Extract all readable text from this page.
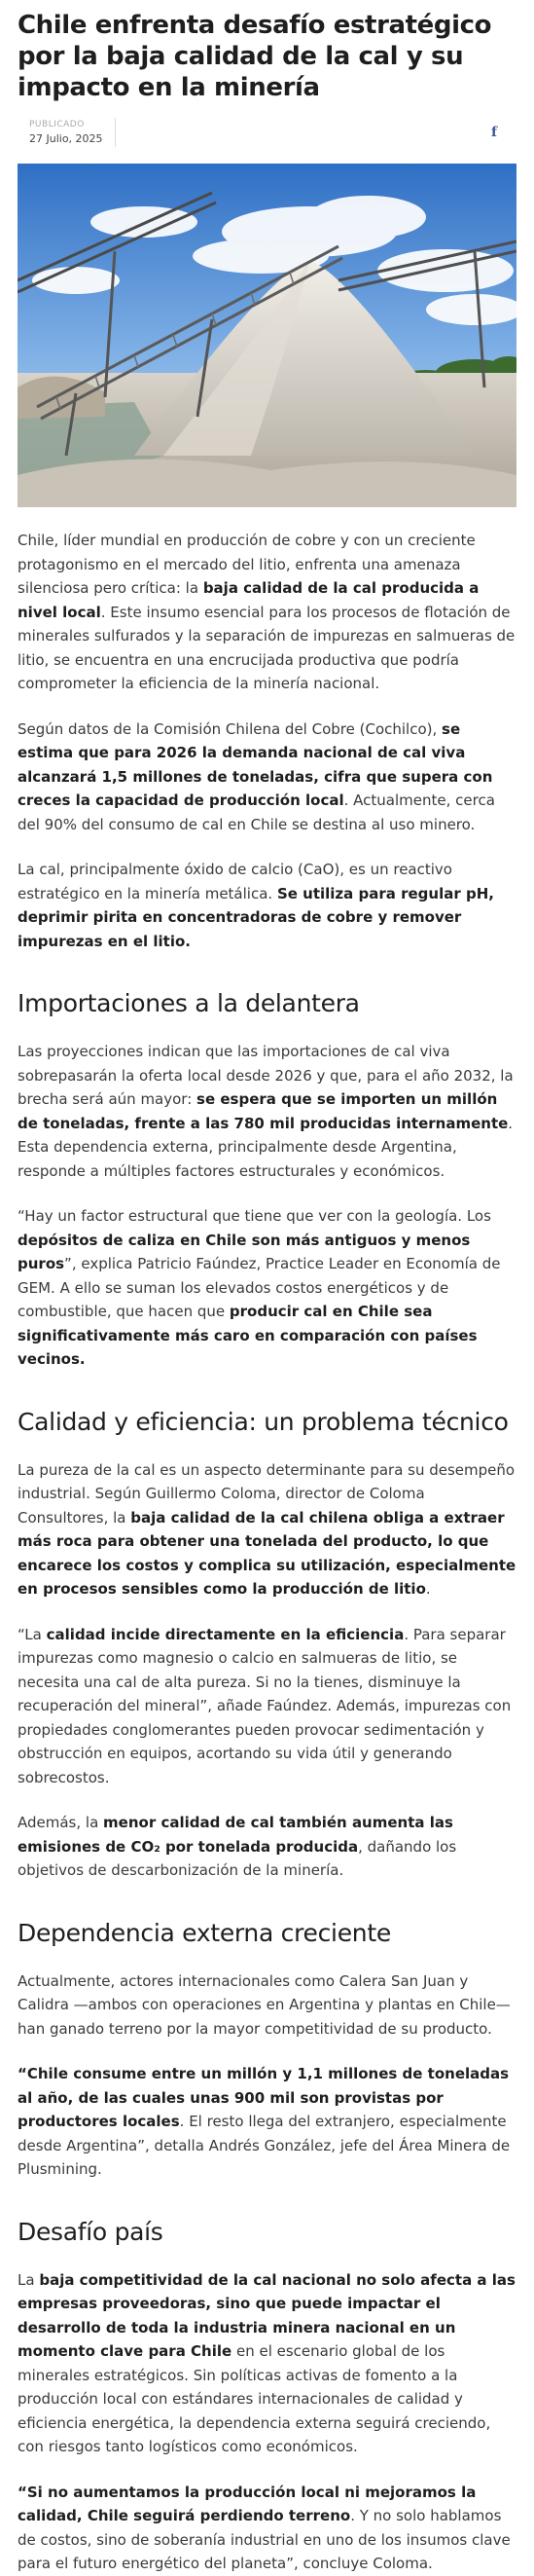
Chile enfrenta desafío estratégico por la baja calidad de la cal y su impacto en la minería
PUBLICADO
27 Julio, 2025	f

Chile, líder mundial en producción de cobre y con un creciente protagonismo en el mercado del litio, enfrenta una amenaza silenciosa pero crítica: la baja calidad de la cal producida a nivel local. Este insumo esencial para los procesos de flotación de minerales sulfurados y la separación de impurezas en salmueras de litio, se encuentra en una encrucijada productiva que podría comprometer la eficiencia de la minería nacional.

Según datos de la Comisión Chilena del Cobre (Cochilco), se estima que para 2026 la demanda nacional de cal viva alcanzará 1,5 millones de toneladas, cifra que supera con creces la capacidad de producción local. Actualmente, cerca del 90% del consumo de cal en Chile se destina al uso minero.

La cal, principalmente óxido de calcio (CaO), es un reactivo estratégico en la minería metálica. Se utiliza para regular pH, deprimir pirita en concentradoras de cobre y remover impurezas en el litio.

Importaciones a la delantera

Las proyecciones indican que las importaciones de cal viva sobrepasarán la oferta local desde 2026 y que, para el año 2032, la brecha será aún mayor: se espera que se importen un millón de toneladas, frente a las 780 mil producidas internamente. Esta dependencia externa, principalmente desde Argentina, responde a múltiples factores estructurales y económicos.

“Hay un factor estructural que tiene que ver con la geología. Los depósitos de caliza en Chile son más antiguos y menos puros”, explica Patricio Faúndez, Practice Leader en Economía de GEM. A ello se suman los elevados costos energéticos y de combustible, que hacen que producir cal en Chile sea significativamente más caro en comparación con países vecinos.

Calidad y eficiencia: un problema técnico

La pureza de la cal es un aspecto determinante para su desempeño industrial. Según Guillermo Coloma, director de Coloma Consultores, la baja calidad de la cal chilena obliga a extraer más roca para obtener una tonelada del producto, lo que encarece los costos y complica su utilización, especialmente en procesos sensibles como la producción de litio.

“La calidad incide directamente en la eficiencia. Para separar impurezas como magnesio o calcio en salmueras de litio, se necesita una cal de alta pureza. Si no la tienes, disminuye la recuperación del mineral”, añade Faúndez. Además, impurezas con propiedades conglomerantes pueden provocar sedimentación y obstrucción en equipos, acortando su vida útil y generando sobrecostos.

Además, la menor calidad de cal también aumenta las emisiones de CO₂ por tonelada producida, dañando los objetivos de descarbonización de la minería.

Dependencia externa creciente

Actualmente, actores internacionales como Calera San Juan y Calidra —ambos con operaciones en Argentina y plantas en Chile— han ganado terreno por la mayor competitividad de su producto.

“Chile consume entre un millón y 1,1 millones de toneladas al año, de las cuales unas 900 mil son provistas por productores locales. El resto llega del extranjero, especialmente desde Argentina”, detalla Andrés González, jefe del Área Minera de Plusmining.

Desafío país

La baja competitividad de la cal nacional no solo afecta a las empresas proveedoras, sino que puede impactar el desarrollo de toda la industria minera nacional en un momento clave para Chile en el escenario global de los minerales estratégicos. Sin políticas activas de fomento a la producción local con estándares internacionales de calidad y eficiencia energética, la dependencia externa seguirá creciendo, con riesgos tanto logísticos como económicos.

“Si no aumentamos la producción local ni mejoramos la calidad, Chile seguirá perdiendo terreno. Y no solo hablamos de costos, sino de soberanía industrial en uno de los insumos clave para el futuro energético del planeta”, concluye Coloma.
